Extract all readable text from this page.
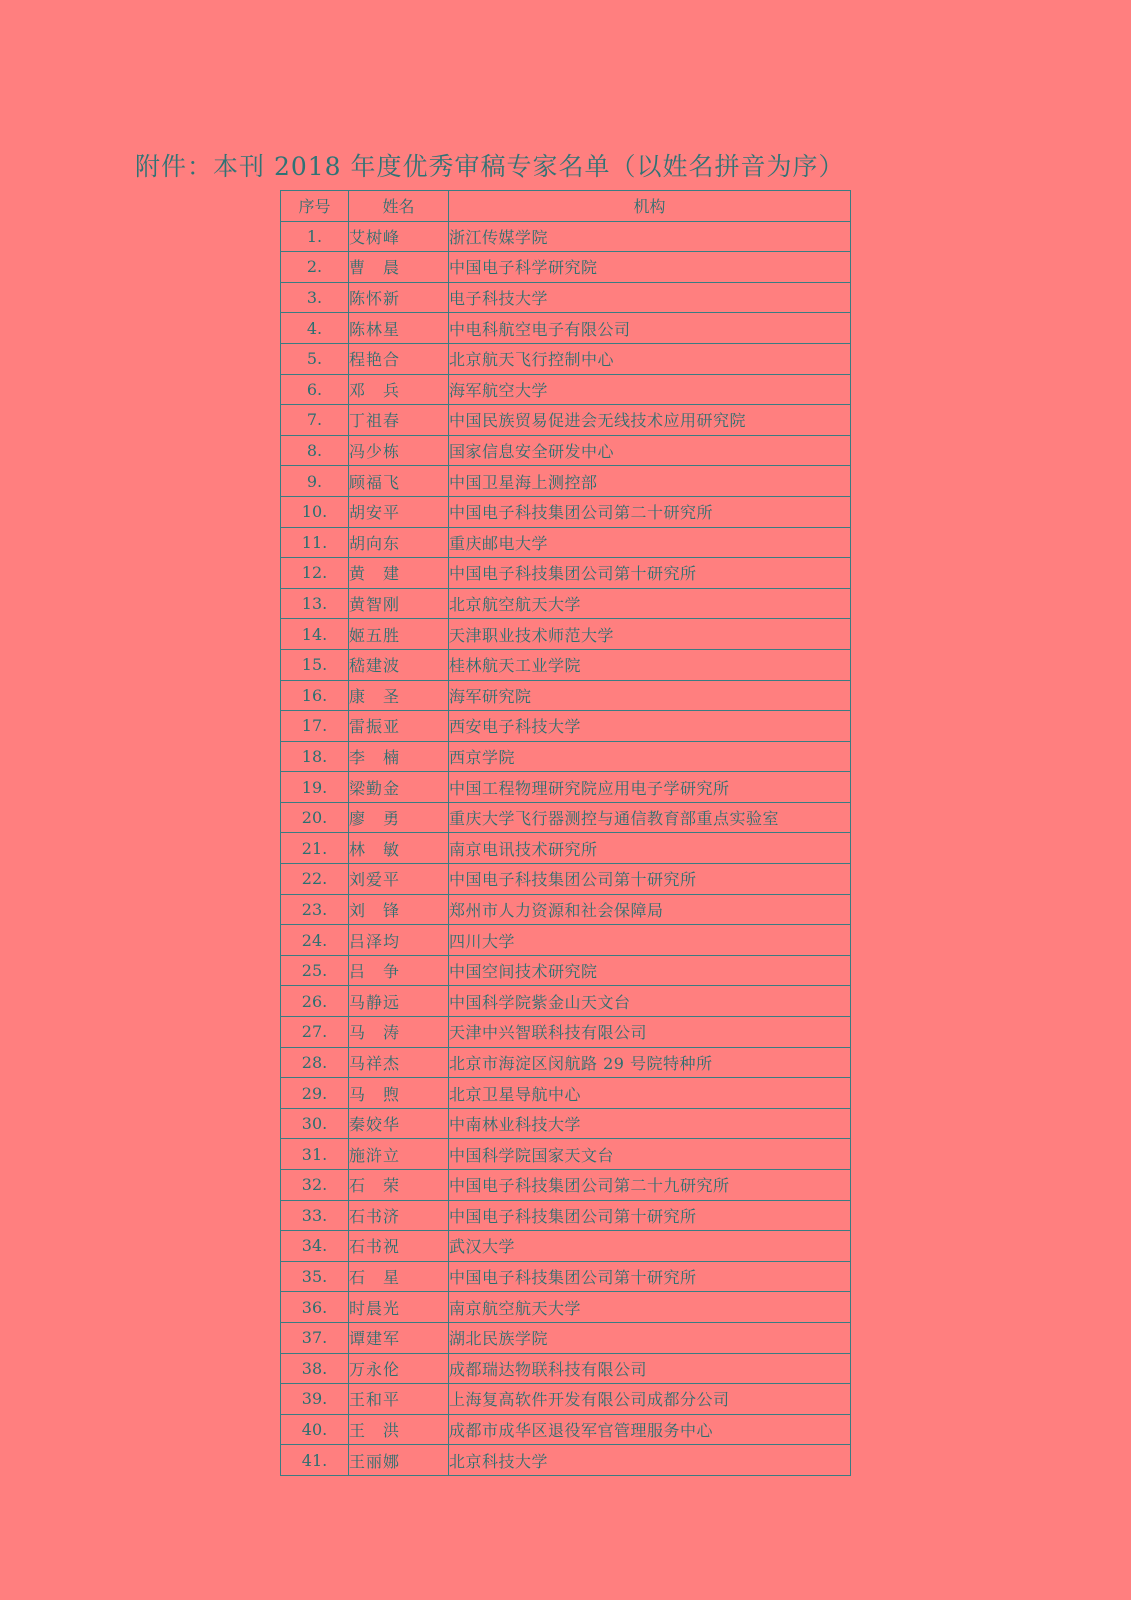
附件：本刊 2018 年度优秀审稿专家名单（以姓名拼音为序）
序号	姓名	机构
1.	艾树峰	浙江传媒学院
2.	曹　晨	中国电子科学研究院
3.	陈怀新	电子科技大学
4.	陈林星	中电科航空电子有限公司
5.	程艳合	北京航天飞行控制中心
6.	邓　兵	海军航空大学
7.	丁祖春	中国民族贸易促进会无线技术应用研究院
8.	冯少栋	国家信息安全研发中心
9.	顾福飞	中国卫星海上测控部
10.	胡安平	中国电子科技集团公司第二十研究所
11.	胡向东	重庆邮电大学
12.	黄　建	中国电子科技集团公司第十研究所
13.	黄智刚	北京航空航天大学
14.	姬五胜	天津职业技术师范大学
15.	嵇建波	桂林航天工业学院
16.	康　圣	海军研究院
17.	雷振亚	西安电子科技大学
18.	李　楠	西京学院
19.	梁勤金	中国工程物理研究院应用电子学研究所
20.	廖　勇	重庆大学飞行器测控与通信教育部重点实验室
21.	林　敏	南京电讯技术研究所
22.	刘爱平	中国电子科技集团公司第十研究所
23.	刘　锋	郑州市人力资源和社会保障局
24.	吕泽均	四川大学
25.	吕　争	中国空间技术研究院
26.	马静远	中国科学院紫金山天文台
27.	马　涛	天津中兴智联科技有限公司
28.	马祥杰	北京市海淀区闵航路 29 号院特种所
29.	马　煦	北京卫星导航中心
30.	秦姣华	中南林业科技大学
31.	施浒立	中国科学院国家天文台
32.	石　荣	中国电子科技集团公司第二十九研究所
33.	石书济	中国电子科技集团公司第十研究所
34.	石书祝	武汉大学
35.	石　星	中国电子科技集团公司第十研究所
36.	时晨光	南京航空航天大学
37.	谭建军	湖北民族学院
38.	万永伦	成都瑞达物联科技有限公司
39.	王和平	上海复高软件开发有限公司成都分公司
40.	王　洪	成都市成华区退役军官管理服务中心
41.	王丽娜	北京科技大学
